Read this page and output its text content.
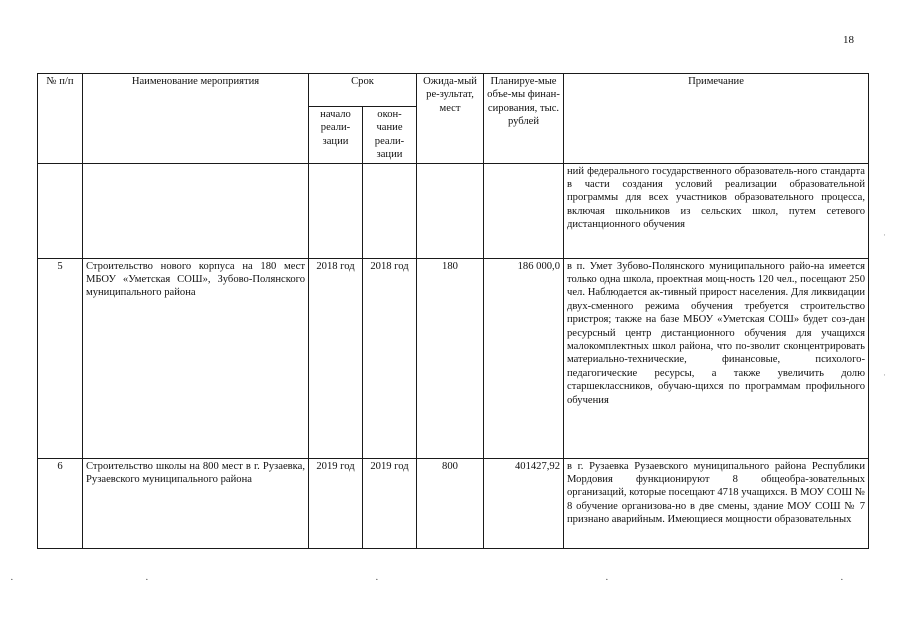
18
№ п/п	Наименование мероприятия	Срок		Ожида-мый ре-зультат, мест	Планируе-мые объе-мы финан-сирования, тыс. рублей	Примечание
		начало реали-зации	окон-чание реали-зации			
						ний федерального государственного образователь-ного стандарта в части создания условий реализации образовательной программы для всех участников образовательного процесса, включая школьников из сельских школ, путем сетевого дистанционного обучения
5	Строительство нового корпуса на 180 мест МБОУ «Уметская СОШ», Зубово-Полянского муниципального района	2018 год	2018 год	180	186 000,0	в п. Умет Зубово-Полянского муниципального райо-на имеется только одна школа, проектная мощ-ность 120 чел., посещают 250 чел. Наблюдается ак-тивный прирост населения. Для ликвидации двух-сменного режима обучения требуется строительство пристроя; также на базе МБОУ «Уметская СОШ» будет соз-дан ресурсный центр дистанционного обучения для учащихся малокомплектных школ района, что по-зволит сконцентрировать материально-технические, финансовые, психолого-педагогические ресурсы, а также увеличить долю старшеклассников, обучаю-щихся по программам профильного обучения
6	Строительство школы на 800 мест в г. Рузаевка, Рузаевского муниципального района	2019 год	2019 год	800	401427,92	в г. Рузаевка Рузаевского муниципального района Республики Мордовия функционируют 8 общеобра-зовательных организаций, которые посещают 4718 учащихся. В МОУ СОШ № 8 обучение организова-но в две смены, здание МОУ СОШ № 7 признано аварийным. Имеющиеся мощности образовательных
·	·	·	·	·
·
·
